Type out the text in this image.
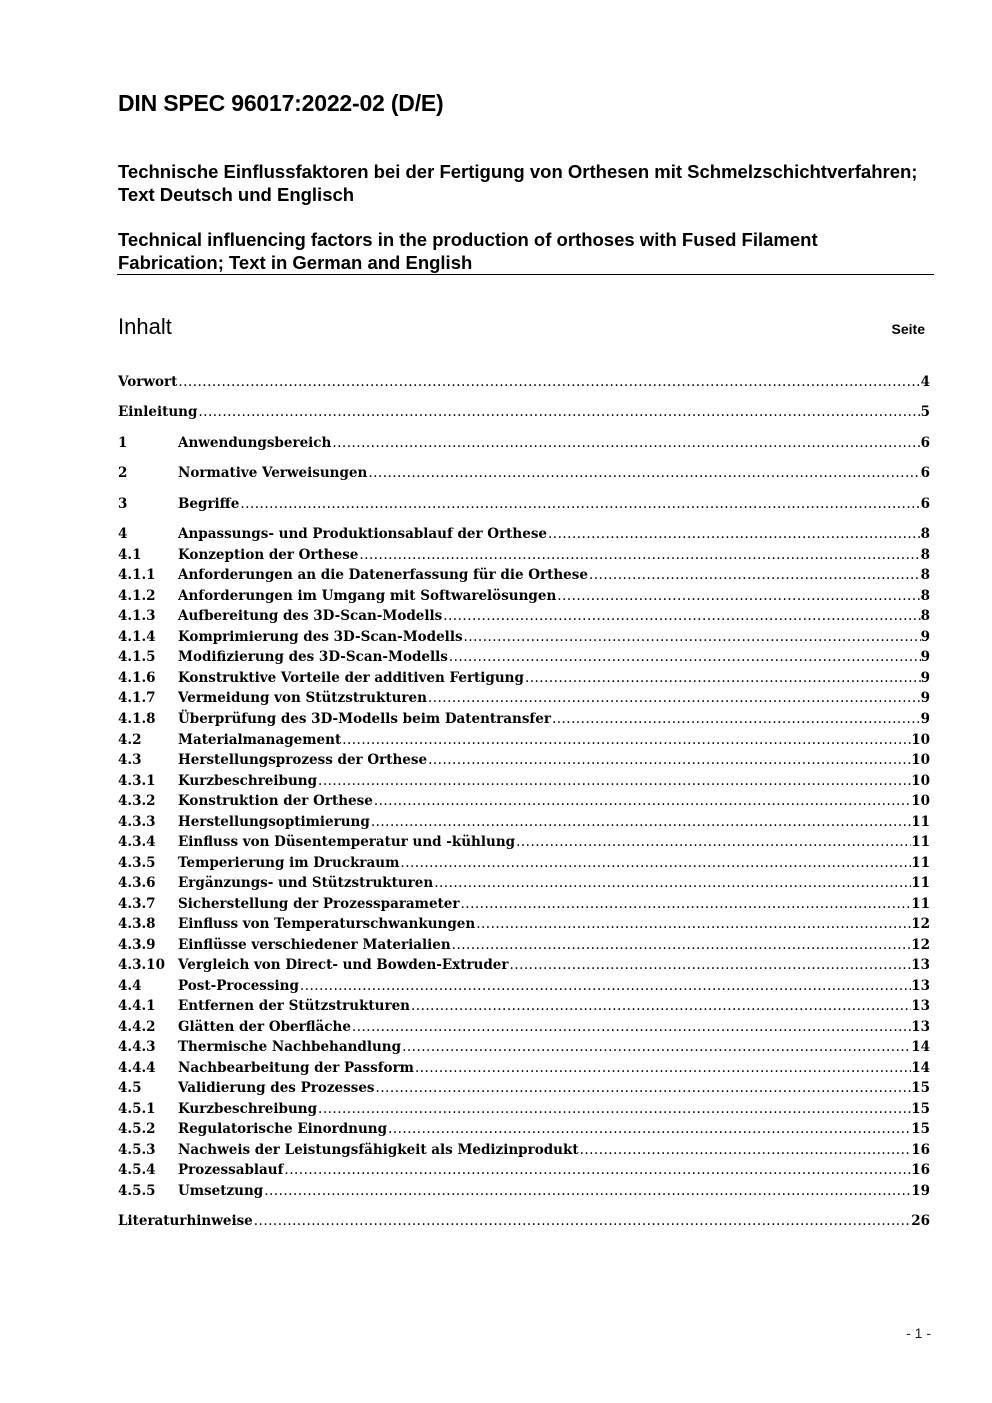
DIN SPEC 96017:2022-02 (D/E)

Technische Einflussfaktoren bei der Fertigung von Orthesen mit Schmelzschichtverfahren; Text Deutsch und Englisch

Technical influencing factors in the production of orthoses with Fused Filament Fabrication; Text in German and English

Inhalt	Seite
Vorwort .....	4
Einleitung .....	5
1	Anwendungsbereich .....	6
2	Normative Verweisungen .....	6
3	Begriffe .....	6
4	Anpassungs- und Produktionsablauf der Orthese .....	8
4.1	Konzeption der Orthese .....	8
4.1.1	Anforderungen an die Datenerfassung für die Orthese .....	8
4.1.2	Anforderungen im Umgang mit Softwarelösungen .....	8
4.1.3	Aufbereitung des 3D-Scan-Modells .....	8
4.1.4	Komprimierung des 3D-Scan-Modells .....	9
4.1.5	Modifizierung des 3D-Scan-Modells .....	9
4.1.6	Konstruktive Vorteile der additiven Fertigung .....	9
4.1.7	Vermeidung von Stützstrukturen .....	9
4.1.8	Überprüfung des 3D-Modells beim Datentransfer .....	9
4.2	Materialmanagement .....	10
4.3	Herstellungsprozess der Orthese .....	10
4.3.1	Kurzbeschreibung .....	10
4.3.2	Konstruktion der Orthese .....	10
4.3.3	Herstellungsoptimierung .....	11
4.3.4	Einfluss von Düsentemperatur und -kühlung .....	11
4.3.5	Temperierung im Druckraum .....	11
4.3.6	Ergänzungs- und Stützstrukturen .....	11
4.3.7	Sicherstellung der Prozessparameter .....	11
4.3.8	Einfluss von Temperaturschwankungen .....	12
4.3.9	Einflüsse verschiedener Materialien .....	12
4.3.10 Vergleich von Direct- und Bowden-Extruder .....	13
4.4	Post-Processing .....	13
4.4.1	Entfernen der Stützstrukturen .....	13
4.4.2	Glätten der Oberfläche .....	13
4.4.3	Thermische Nachbehandlung .....	14
4.4.4	Nachbearbeitung der Passform .....	14
4.5	Validierung des Prozesses .....	15
4.5.1	Kurzbeschreibung .....	15
4.5.2	Regulatorische Einordnung .....	15
4.5.3	Nachweis der Leistungsfähigkeit als Medizinprodukt .....	16
4.5.4	Prozessablauf .....	16
4.5.5	Umsetzung .....	19
Literaturhinweise .....	26
- 1 -
